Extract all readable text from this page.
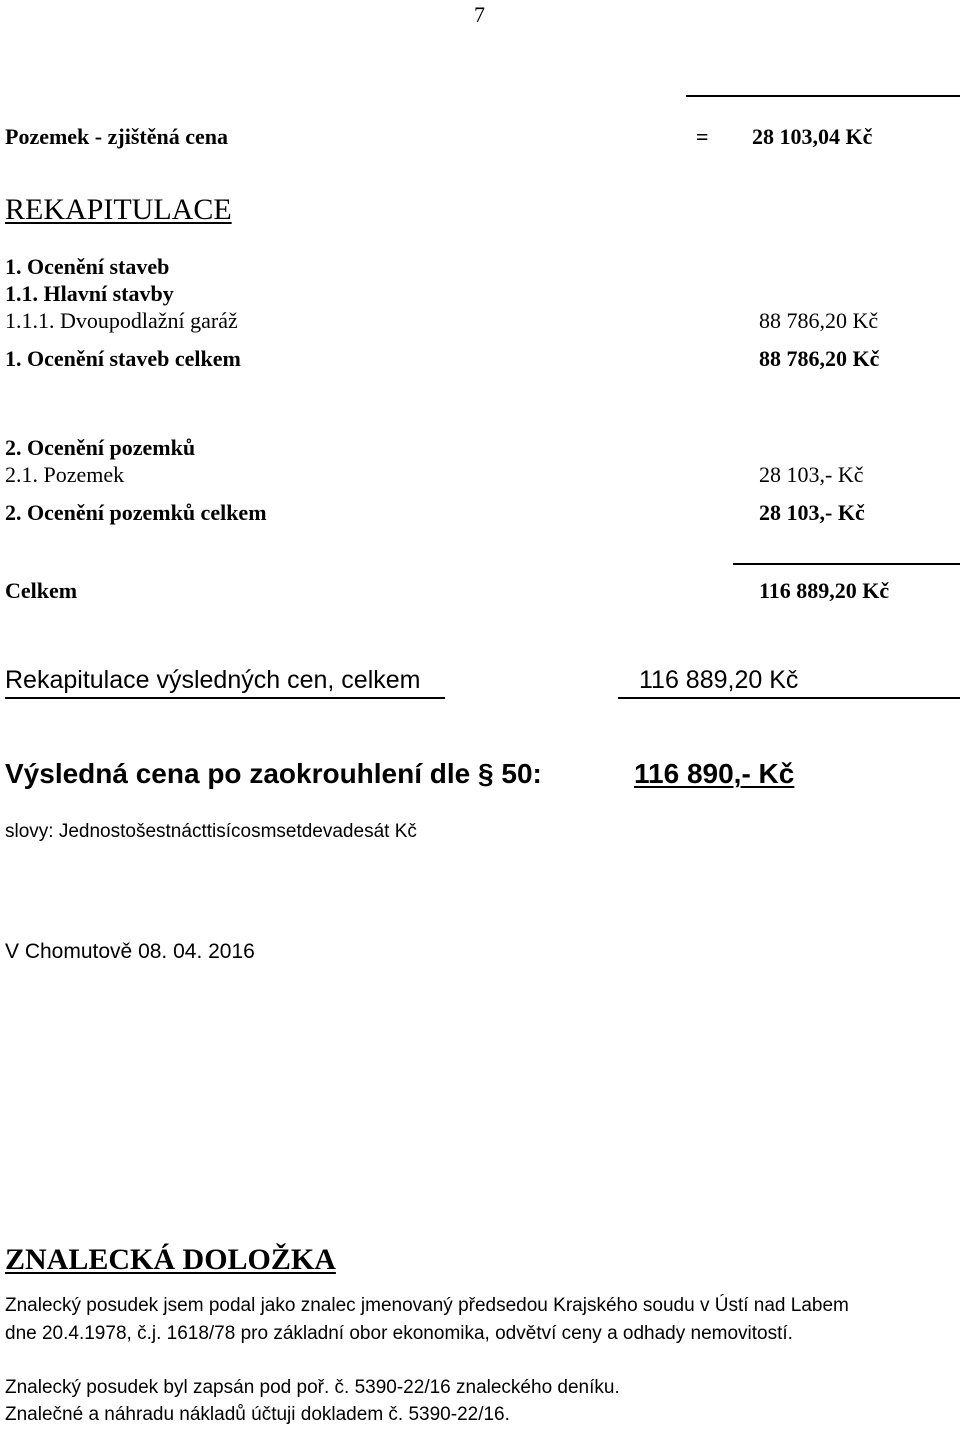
7
Pozemek - zjištěná cena	= 28 103,04 Kč
REKAPITULACE
1. Ocenění staveb
1.1. Hlavní stavby
1.1.1. Dvoupodlažní garáž	88 786,20 Kč
1. Ocenění staveb celkem	88 786,20 Kč
2. Ocenění pozemků
2.1. Pozemek	28 103,- Kč
2. Ocenění pozemků celkem	28 103,- Kč
Celkem	116 889,20 Kč
Rekapitulace výsledných cen, celkem	116 889,20 Kč
Výsledná cena po zaokrouhlení dle § 50:	116 890,- Kč
slovy: Jednostošestnácttisícosmsetdevadesát Kč
V Chomutově 08. 04. 2016
ZNALECKÁ DOLOŽKA
Znalecký posudek jsem podal jako znalec jmenovaný předsedou Krajského soudu v Ústí nad Labem
dne 20.4.1978, č.j. 1618/78 pro základní obor ekonomika, odvětví ceny a odhady nemovitostí.
Znalecký posudek byl zapsán pod poř. č. 5390-22/16 znaleckého deníku.
Znalečné a náhradu nákladů účtuji dokladem č. 5390-22/16.
